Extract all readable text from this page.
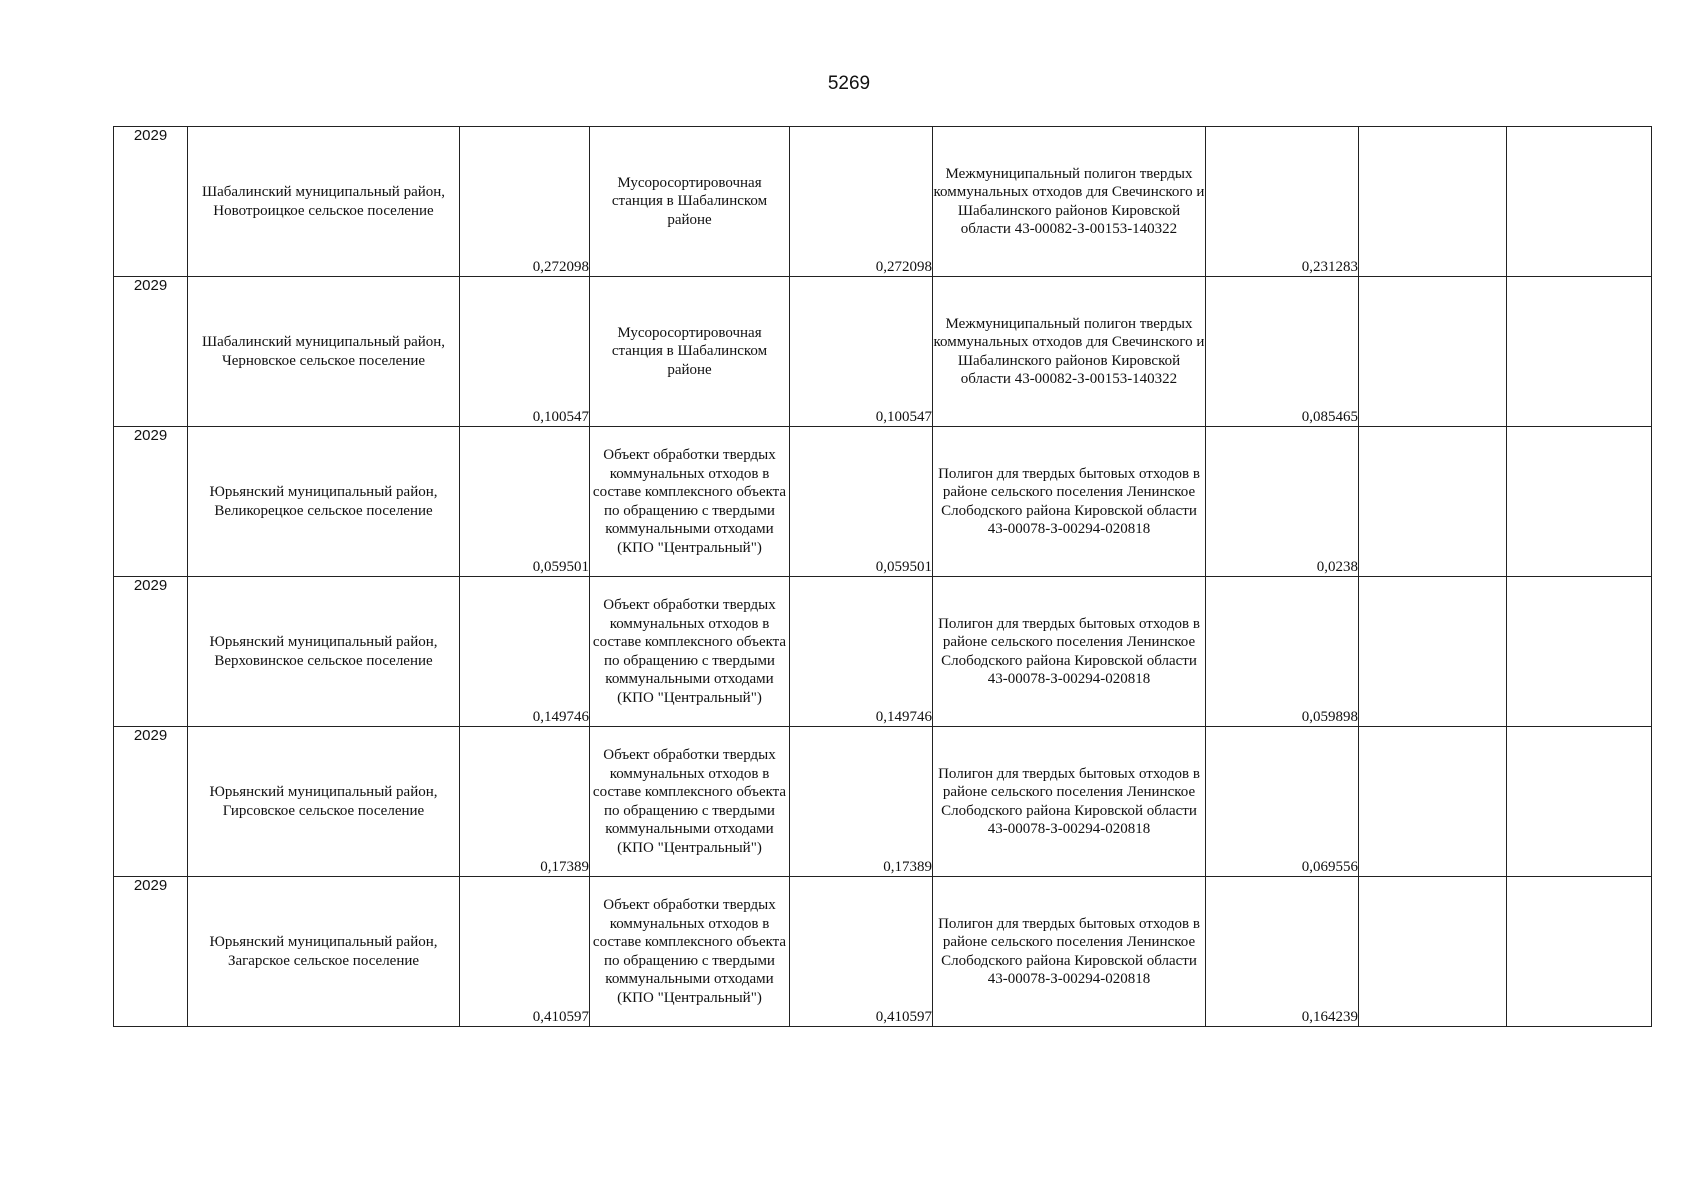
5269
2029	Шабалинский муниципальный район, Новотроицкое сельское поселение	0,272098	Мусоросортировочная станция в Шабалинском районе	0,272098	Межмуниципальный полигон твердых коммунальных отходов для Свечинского и Шабалинского районов Кировской области 43-00082-З-00153-140322	0,231283		
2029	Шабалинский муниципальный район, Черновское сельское поселение	0,100547	Мусоросортировочная станция в Шабалинском районе	0,100547	Межмуниципальный полигон твердых коммунальных отходов для Свечинского и Шабалинского районов Кировской области 43-00082-З-00153-140322	0,085465		
2029	Юрьянский муниципальный район, Великорецкое сельское поселение	0,059501	Объект обработки твердых коммунальных отходов в составе комплексного объекта по обращению с твердыми коммунальными отходами (КПО "Центральный")	0,059501	Полигон для твердых бытовых отходов в районе сельского поселения Ленинское Слободского района Кировской области 43-00078-З-00294-020818	0,0238		
2029	Юрьянский муниципальный район, Верховинское сельское поселение	0,149746	Объект обработки твердых коммунальных отходов в составе комплексного объекта по обращению с твердыми коммунальными отходами (КПО "Центральный")	0,149746	Полигон для твердых бытовых отходов в районе сельского поселения Ленинское Слободского района Кировской области 43-00078-З-00294-020818	0,059898		
2029	Юрьянский муниципальный район, Гирсовское сельское поселение	0,17389	Объект обработки твердых коммунальных отходов в составе комплексного объекта по обращению с твердыми коммунальными отходами (КПО "Центральный")	0,17389	Полигон для твердых бытовых отходов в районе сельского поселения Ленинское Слободского района Кировской области 43-00078-З-00294-020818	0,069556		
2029	Юрьянский муниципальный район, Загарское сельское поселение	0,410597	Объект обработки твердых коммунальных отходов в составе комплексного объекта по обращению с твердыми коммунальными отходами (КПО "Центральный")	0,410597	Полигон для твердых бытовых отходов в районе сельского поселения Ленинское Слободского района Кировской области 43-00078-З-00294-020818	0,164239		
